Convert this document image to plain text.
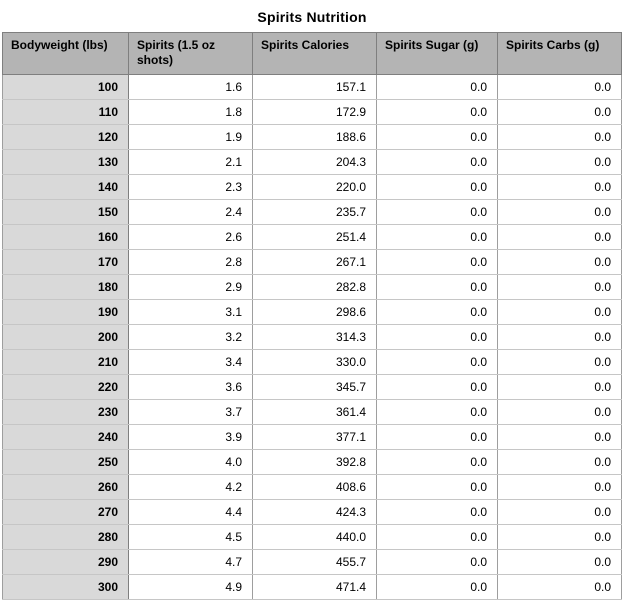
Spirits Nutrition
Bodyweight (lbs)	Spirits (1.5 oz shots)	Spirits Calories	Spirits Sugar (g)	Spirits Carbs (g)
100	1.6	157.1	0.0	0.0
110	1.8	172.9	0.0	0.0
120	1.9	188.6	0.0	0.0
130	2.1	204.3	0.0	0.0
140	2.3	220.0	0.0	0.0
150	2.4	235.7	0.0	0.0
160	2.6	251.4	0.0	0.0
170	2.8	267.1	0.0	0.0
180	2.9	282.8	0.0	0.0
190	3.1	298.6	0.0	0.0
200	3.2	314.3	0.0	0.0
210	3.4	330.0	0.0	0.0
220	3.6	345.7	0.0	0.0
230	3.7	361.4	0.0	0.0
240	3.9	377.1	0.0	0.0
250	4.0	392.8	0.0	0.0
260	4.2	408.6	0.0	0.0
270	4.4	424.3	0.0	0.0
280	4.5	440.0	0.0	0.0
290	4.7	455.7	0.0	0.0
300	4.9	471.4	0.0	0.0
